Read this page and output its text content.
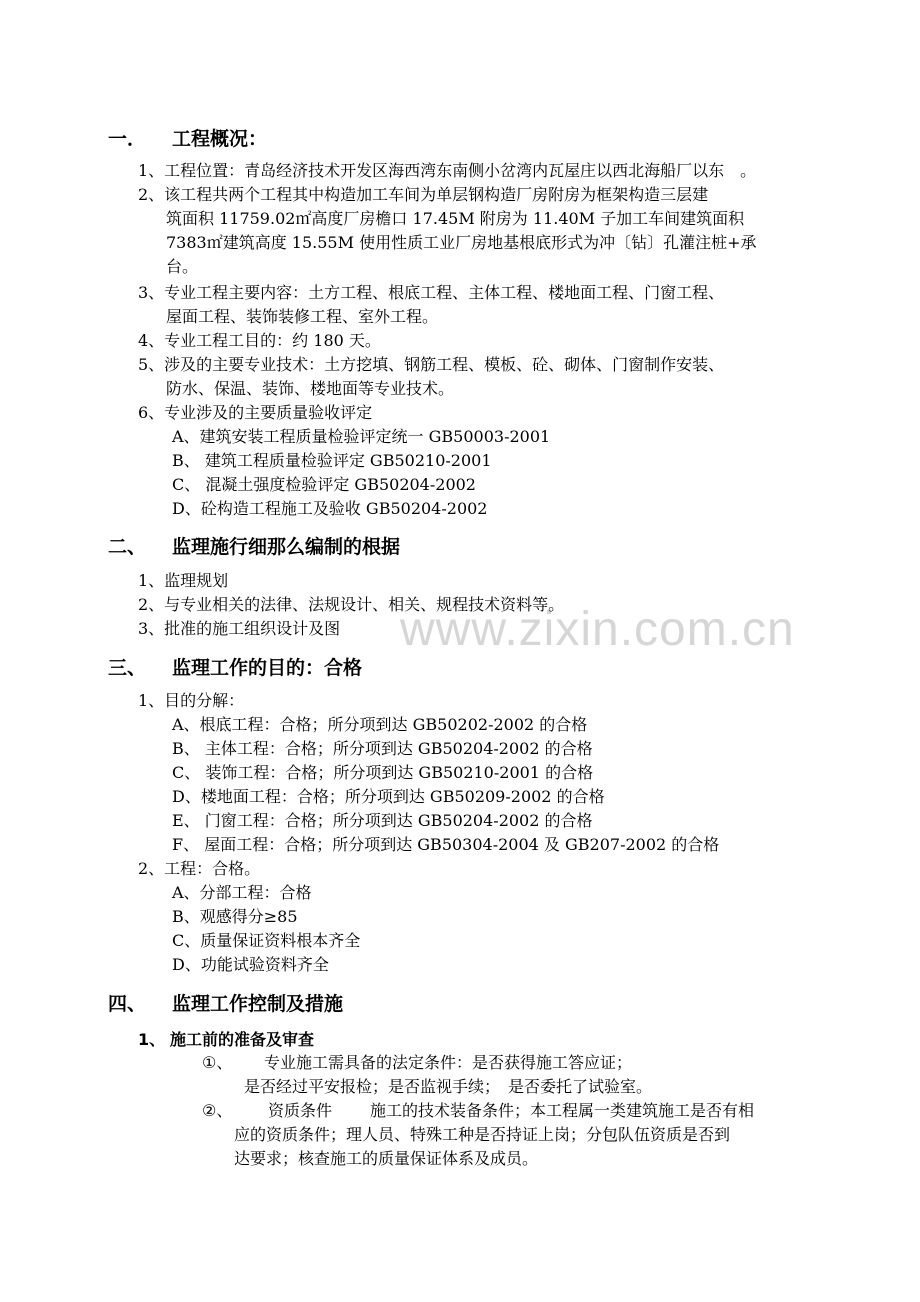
www.zixin.com.cn
一． 工程概况：
1、工程位置：青岛经济技术开发区海西湾东南侧小岔湾内瓦屋庄以西北海船厂以东　。
2、该工程共两个工程其中构造加工车间为单层钢构造厂房附房为框架构造三层建
筑面积 11759.02㎡高度厂房檐口 17.45M 附房为 11.40M 子加工车间建筑面积
7383㎡建筑高度 15.55M 使用性质工业厂房地基根底形式为冲〔钻〕孔灌注桩+承
台。
3、专业工程主要内容：土方工程、根底工程、主体工程、楼地面工程、门窗工程、
屋面工程、装饰装修工程、室外工程。
4、专业工程工目的：约 180 天。
5、涉及的主要专业技术：土方挖填、钢筋工程、模板、砼、砌体、门窗制作安装、
防水、保温、装饰、楼地面等专业技术。
6、专业涉及的主要质量验收评定
A、建筑安装工程质量检验评定统一 GB50003-2001
B、 建筑工程质量检验评定 GB50210-2001
C、 混凝土强度检验评定 GB50204-2002
D、砼构造工程施工及验收 GB50204-2002
二、 监理施行细那么编制的根据
1、监理规划
2、与专业相关的法律、法规设计、相关、规程技术资料等。
3、批准的施工组织设计及图
三、 监理工作的目的：合格
1、目的分解：
A、根底工程：合格；所分项到达 GB50202-2002 的合格
B、 主体工程：合格；所分项到达 GB50204-2002 的合格
C、 装饰工程：合格；所分项到达 GB50210-2001 的合格
D、楼地面工程：合格；所分项到达 GB50209-2002 的合格
E、 门窗工程：合格；所分项到达 GB50204-2002 的合格
F、 屋面工程：合格；所分项到达 GB50304-2004 及 GB207-2002 的合格
2、工程：合格。
A、分部工程：合格
B、观感得分≥85
C、质量保证资料根本齐全
D、功能试验资料齐全
四、 监理工作控制及措施
1、 施工前的准备及审查
①、 专业施工需具备的法定条件：是否获得施工答应证；
是否经过平安报检；是否监视手续；　是否委托了试验室。
②、 资质条件 施工的技术装备条件；本工程属一类建筑施工是否有相
应的资质条件；理人员、特殊工种是否持证上岗；分包队伍资质是否到
达要求；核查施工的质量保证体系及成员。
